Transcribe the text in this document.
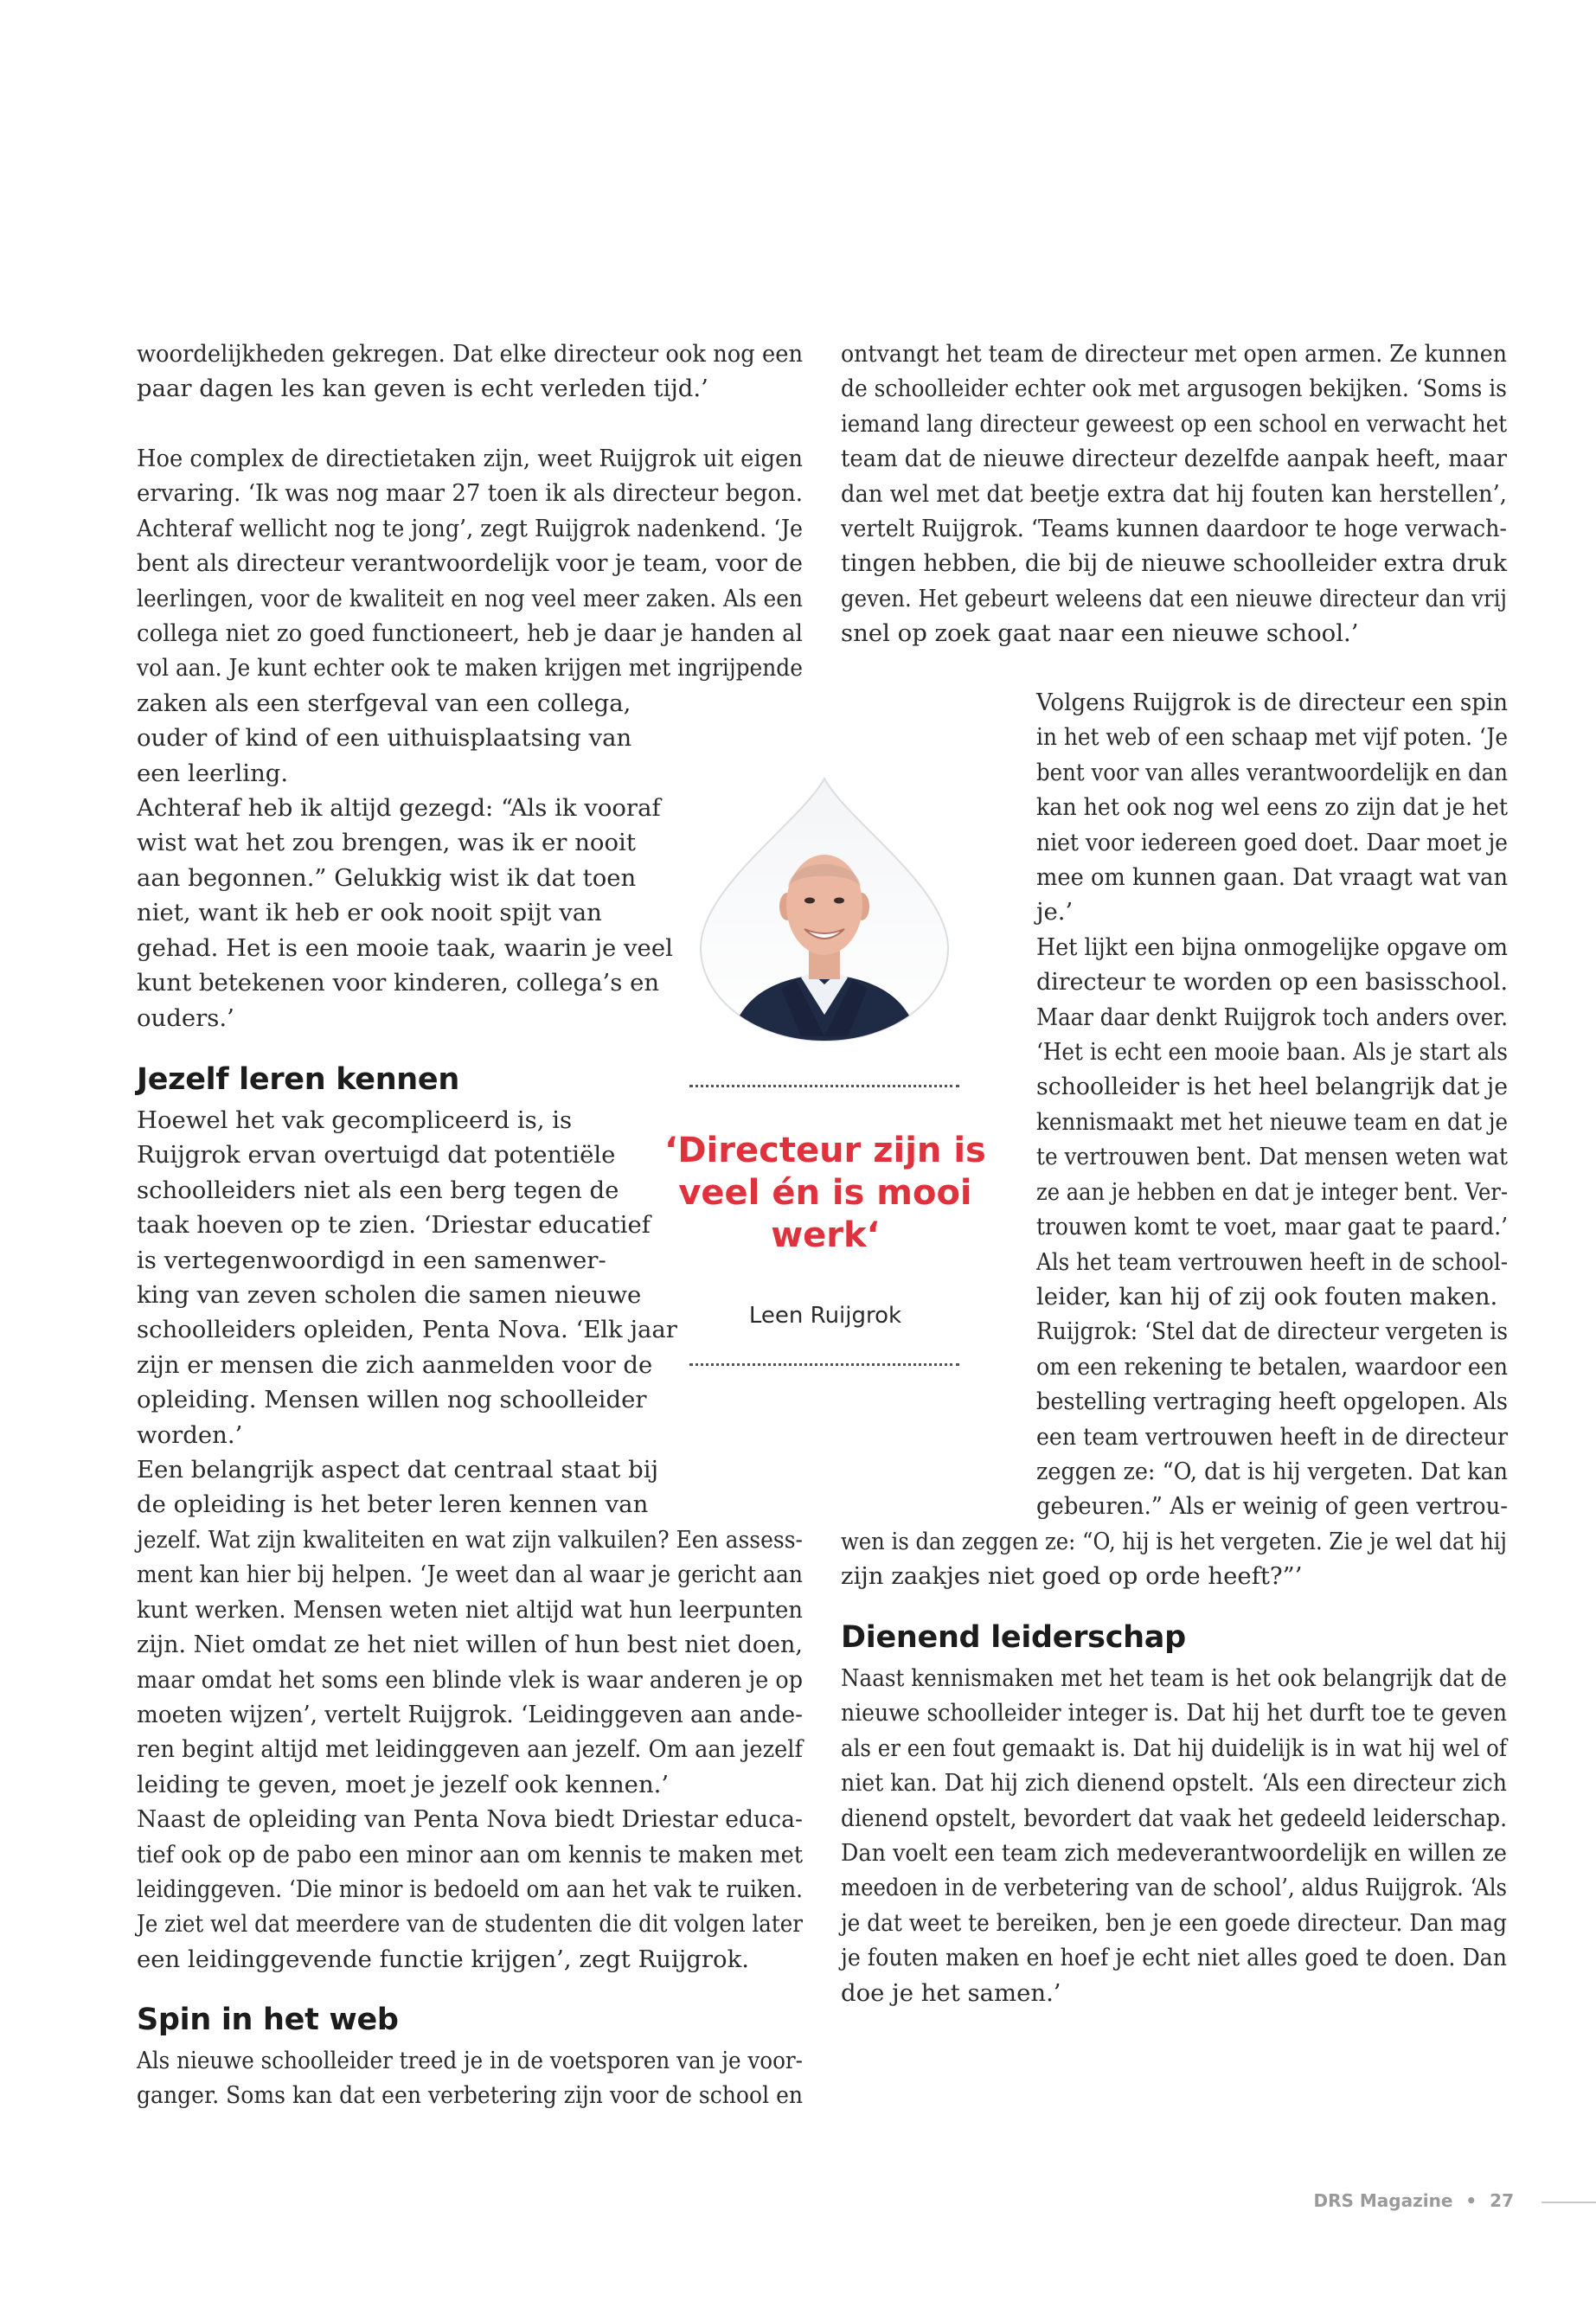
woordelijkheden gekregen. Dat elke directeur ook nog een
paar dagen les kan geven is echt verleden tijd.’
Hoe complex de directietaken zijn, weet Ruijgrok uit eigen
ervaring. ‘Ik was nog maar 27 toen ik als directeur begon.
Achteraf wellicht nog te jong’, zegt Ruijgrok nadenkend. ‘Je
bent als directeur verantwoordelijk voor je team, voor de
leerlingen, voor de kwaliteit en nog veel meer zaken. Als een
collega niet zo goed functioneert, heb je daar je handen al
vol aan. Je kunt echter ook te maken krijgen met ingrijpende
zaken als een sterfgeval van een collega,
ouder of kind of een uithuisplaatsing van
een leerling.
Achteraf heb ik altijd gezegd: “Als ik vooraf
wist wat het zou brengen, was ik er nooit
aan begonnen.” Gelukkig wist ik dat toen
niet, want ik heb er ook nooit spijt van
gehad. Het is een mooie taak, waarin je veel
kunt betekenen voor kinderen, collega’s en
ouders.’
Jezelf leren kennen
Hoewel het vak gecompliceerd is, is
Ruijgrok ervan overtuigd dat potentiële
schoolleiders niet als een berg tegen de
taak hoeven op te zien. ‘Driestar educatief
is vertegenwoordigd in een samenwer-
king van zeven scholen die samen nieuwe
schoolleiders opleiden, Penta Nova. ‘Elk jaar
zijn er mensen die zich aanmelden voor de
opleiding. Mensen willen nog schoolleider
worden.’
Een belangrijk aspect dat centraal staat bij
de opleiding is het beter leren kennen van
jezelf. Wat zijn kwaliteiten en wat zijn valkuilen? Een assess-
ment kan hier bij helpen. ‘Je weet dan al waar je gericht aan
kunt werken. Mensen weten niet altijd wat hun leerpunten
zijn. Niet omdat ze het niet willen of hun best niet doen,
maar omdat het soms een blinde vlek is waar anderen je op
moeten wijzen’, vertelt Ruijgrok. ‘Leidinggeven aan ande-
ren begint altijd met leidinggeven aan jezelf. Om aan jezelf
leiding te geven, moet je jezelf ook kennen.’
Naast de opleiding van Penta Nova biedt Driestar educa-
tief ook op de pabo een minor aan om kennis te maken met
leidinggeven. ‘Die minor is bedoeld om aan het vak te ruiken.
Je ziet wel dat meerdere van de studenten die dit volgen later
een leidinggevende functie krijgen’, zegt Ruijgrok.
Spin in het web
Als nieuwe schoolleider treed je in de voetsporen van je voor-
ganger. Soms kan dat een verbetering zijn voor de school en
ontvangt het team de directeur met open armen. Ze kunnen
de schoolleider echter ook met argusogen bekijken. ‘Soms is
iemand lang directeur geweest op een school en verwacht het
team dat de nieuwe directeur dezelfde aanpak heeft, maar
dan wel met dat beetje extra dat hij fouten kan herstellen’,
vertelt Ruijgrok. ‘Teams kunnen daardoor te hoge verwach-
tingen hebben, die bij de nieuwe schoolleider extra druk
geven. Het gebeurt weleens dat een nieuwe directeur dan vrij
snel op zoek gaat naar een nieuwe school.’
Volgens Ruijgrok is de directeur een spin
in het web of een schaap met vijf poten. ‘Je
bent voor van alles verantwoordelijk en dan
kan het ook nog wel eens zo zijn dat je het
niet voor iedereen goed doet. Daar moet je
mee om kunnen gaan. Dat vraagt wat van
je.’
Het lijkt een bijna onmogelijke opgave om
directeur te worden op een basisschool.
Maar daar denkt Ruijgrok toch anders over.
‘Het is echt een mooie baan. Als je start als
schoolleider is het heel belangrijk dat je
kennismaakt met het nieuwe team en dat je
te vertrouwen bent. Dat mensen weten wat
ze aan je hebben en dat je integer bent. Ver-
trouwen komt te voet, maar gaat te paard.’
Als het team vertrouwen heeft in de school-
leider, kan hij of zij ook fouten maken.
Ruijgrok: ‘Stel dat de directeur vergeten is
om een rekening te betalen, waardoor een
bestelling vertraging heeft opgelopen. Als
een team vertrouwen heeft in de directeur
zeggen ze: “O, dat is hij vergeten. Dat kan
gebeuren.” Als er weinig of geen vertrou-
wen is dan zeggen ze: “O, hij is het vergeten. Zie je wel dat hij
zijn zaakjes niet goed op orde heeft?”’
Dienend leiderschap
Naast kennismaken met het team is het ook belangrijk dat de
nieuwe schoolleider integer is. Dat hij het durft toe te geven
als er een fout gemaakt is. Dat hij duidelijk is in wat hij wel of
niet kan. Dat hij zich dienend opstelt. ‘Als een directeur zich
dienend opstelt, bevordert dat vaak het gedeeld leiderschap.
Dan voelt een team zich medeverantwoordelijk en willen ze
meedoen in de verbetering van de school’, aldus Ruijgrok. ‘Als
je dat weet te bereiken, ben je een goede directeur. Dan mag
je fouten maken en hoef je echt niet alles goed te doen. Dan
doe je het samen.’
‘Directeur zijn is
veel én is mooi
werk‘
Leen Ruijgrok
DRS Magazine • 27
